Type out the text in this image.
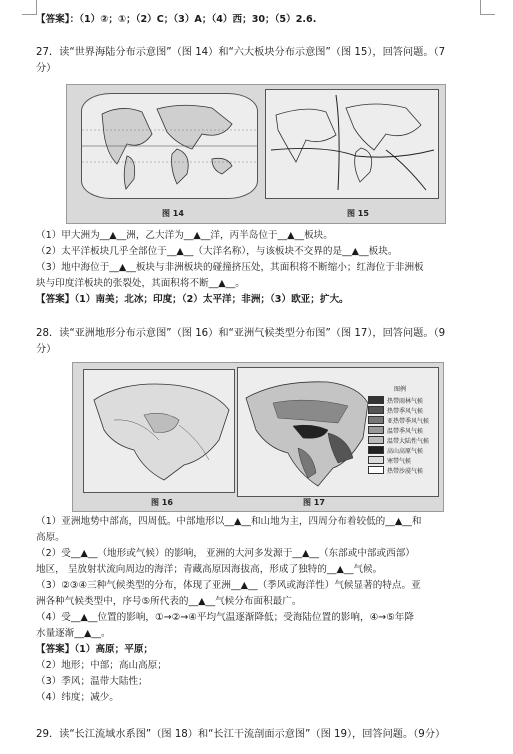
【答案】：（1）②；①；（2）C；（3）A；（4）西；30；（5）2.6.
27．读“世界海陆分布示意图”（图 14）和“六大板块分布示意图”（图 15），回答问题。（7
分）
图 14	图 15
（1）甲大洲为__▲__洲，乙大洋为__▲__洋，丙半岛位于__▲__板块。
（2）太平洋板块几乎全部位于__▲__（大洋名称），与该板块不交界的是__▲__板块。
（3）地中海位于__▲__板块与非洲板块的碰撞挤压处，其面积将不断缩小；红海位于非洲板
块与印度洋板块的张裂处，其面积将不断__▲__。
【答案】（1）南美；北冰；印度；（2）太平洋；非洲；（3）欧亚；扩大。
28．读“亚洲地形分布示意图”（图 16）和“亚洲气候类型分布图”（图 17），回答问题。（9
分）
图 16
图例
热带雨林气候
热带季风气候
亚热带季风气候
温带季风气候
温带大陆性气候
高山高原气候
寒带气候
热带沙漠气候
图 17
（1）亚洲地势中部高，四周低。中部地形以__▲__和山地为主，四周分布着较低的__▲__和
高原。
（2）受__▲__（地形或气候）的影响， 亚洲的大河多发源于__▲__（东部或中部或西部）
地区， 呈放射状流向周边的海洋；青藏高原因海拔高，形成了独特的__▲__气候。
（3）②③④三种气候类型的分布，体现了亚洲__▲__（季风或海洋性）气候显著的特点。亚
洲各种气候类型中，序号⑤所代表的__▲__气候分布面积最广。
（4）受__▲__位置的影响，①→②→④平均气温逐渐降低；受海陆位置的影响，④→⑤年降
水量逐渐__▲__。
【答案】（1）高原；平原；
（2）地形；中部；高山高原；
（3）季风；温带大陆性；
（4）纬度；减少。
29．读“长江流域水系图”（图 18）和“长江干流剖面示意图”（图 19），回答问题。（9分）
